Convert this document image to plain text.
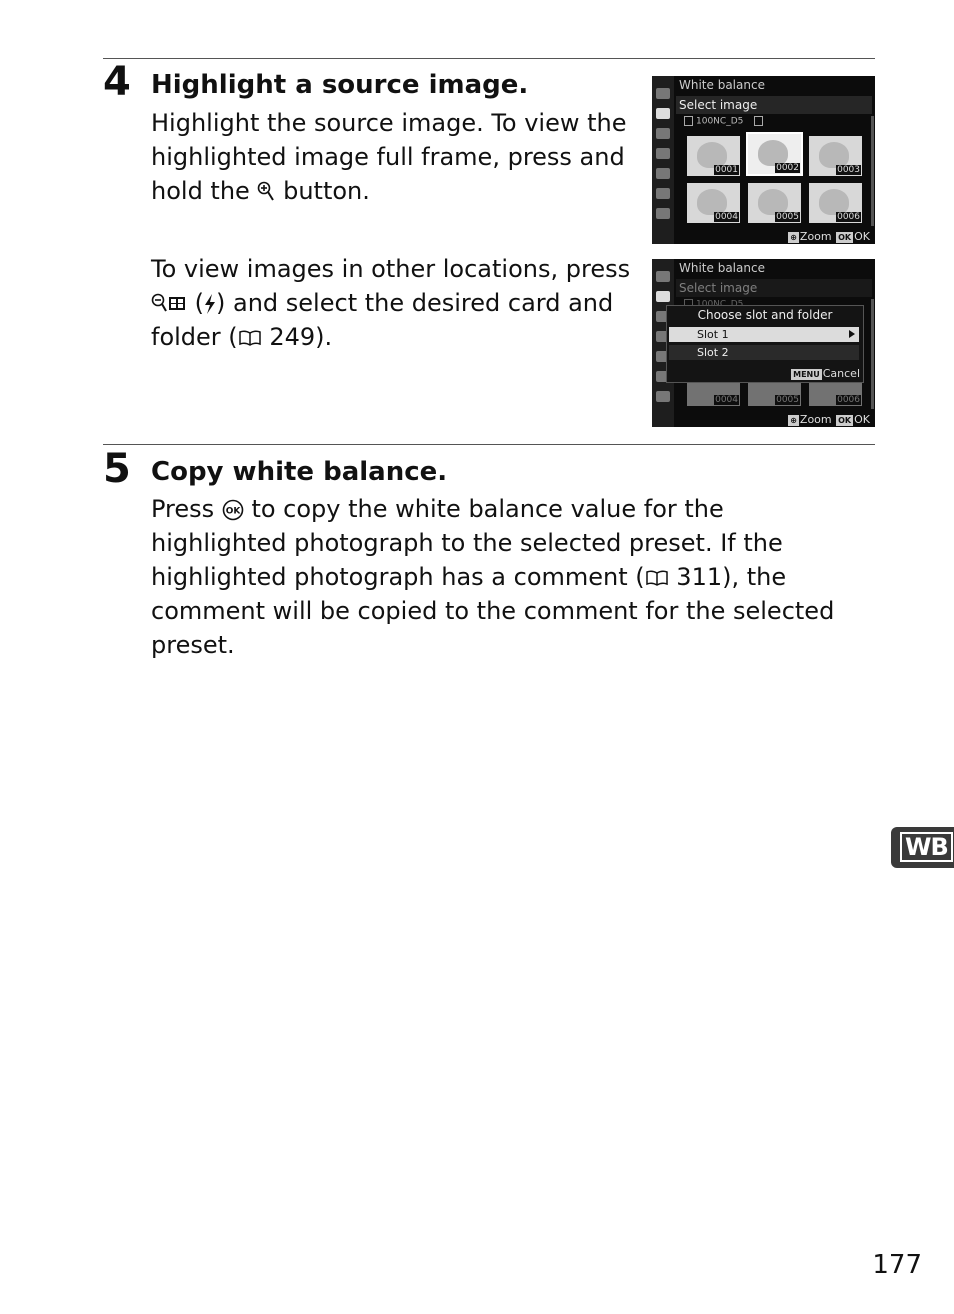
4 Highlight a source image.
Highlight the source image. To view the highlighted image full frame, press and hold the button.
To view images in other locations, press  ( ) and select the desired card and folder ( 249).
White balance
Select image
100NC_D5
0001	0002	0003
0004	0005	0006
⊕ Zoom OK OK
White balance
Select image
0004	0005	0006
Choose slot and folder
Slot 1
Slot 2
MENU Cancel
⊕ Zoom OK OK
5 Copy white balance.
Press OK to copy the white balance value for the highlighted photograph to the selected preset. If the highlighted photograph has a comment ( 311), the comment will be copied to the comment for the selected preset.
WB
177
